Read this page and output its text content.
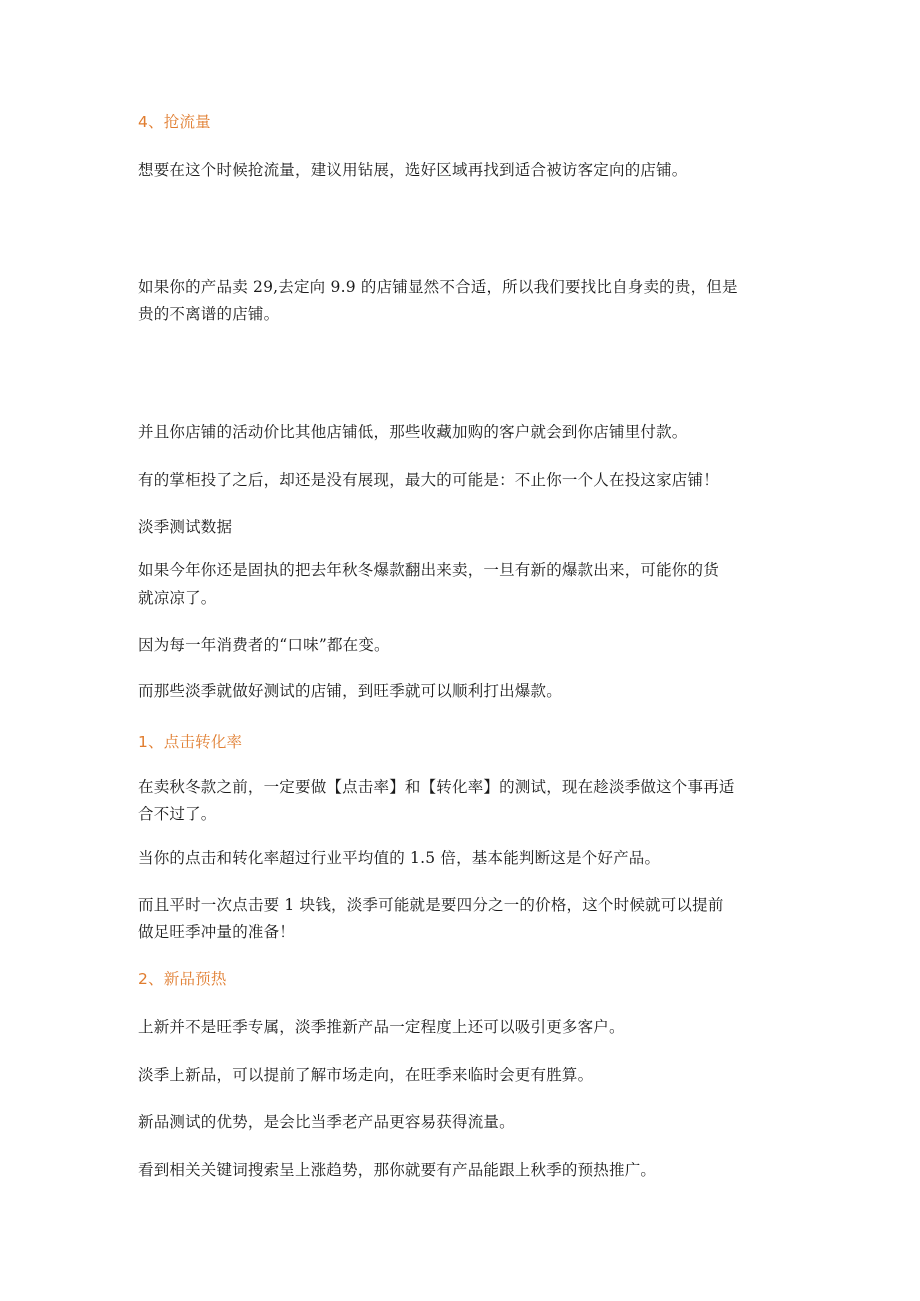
4、抢流量
想要在这个时候抢流量，建议用钻展，选好区域再找到适合被访客定向的店铺。
如果你的产品卖 29,去定向 9.9 的店铺显然不合适，所以我们要找比自身卖的贵，但是
贵的不离谱的店铺。
并且你店铺的活动价比其他店铺低，那些收藏加购的客户就会到你店铺里付款。
有的掌柜投了之后，却还是没有展现，最大的可能是：不止你一个人在投这家店铺！
淡季测试数据
如果今年你还是固执的把去年秋冬爆款翻出来卖，一旦有新的爆款出来，可能你的货
就凉凉了。
因为每一年消费者的“口味”都在变。
而那些淡季就做好测试的店铺，到旺季就可以顺利打出爆款。
1、点击转化率
在卖秋冬款之前，一定要做【点击率】和【转化率】的测试，现在趁淡季做这个事再适
合不过了。
当你的点击和转化率超过行业平均值的 1.5 倍，基本能判断这是个好产品。
而且平时一次点击要 1 块钱，淡季可能就是要四分之一的价格，这个时候就可以提前
做足旺季冲量的准备！
2、新品预热
上新并不是旺季专属，淡季推新产品一定程度上还可以吸引更多客户。
淡季上新品，可以提前了解市场走向，在旺季来临时会更有胜算。
新品测试的优势，是会比当季老产品更容易获得流量。
看到相关关键词搜索呈上涨趋势，那你就要有产品能跟上秋季的预热推广。
